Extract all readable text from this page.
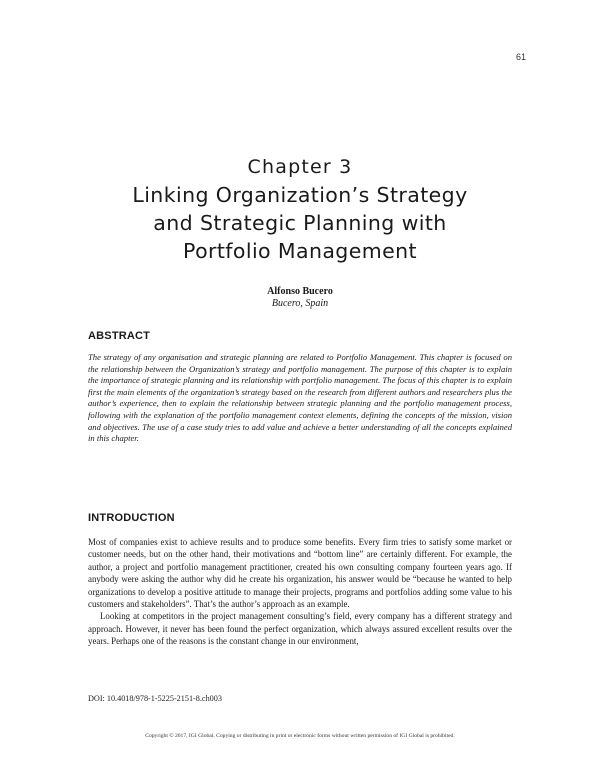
61
Chapter 3
Linking Organization’s Strategy
and Strategic Planning with
Portfolio Management
Alfonso Bucero
Bucero, Spain
ABSTRACT

The strategy of any organisation and strategic planning are related to Portfolio Management. This chapter is focused on the relationship between the Organization’s strategy and portfolio management. The purpose of this chapter is to explain the importance of strategic planning and its relationship with portfolio management. The focus of this chapter is to explain first the main elements of the organization’s strategy based on the research from different authors and researchers plus the author’s experience, then to explain the relationship between strategic planning and the portfolio management process, following with the explanation of the portfolio management context elements, defining the concepts of the mission, vision and objectives. The use of a case study tries to add value and achieve a better understanding of all the concepts explained in this chapter.

INTRODUCTION

Most of companies exist to achieve results and to produce some benefits. Every firm tries to satisfy some market or customer needs, but on the other hand, their motivations and “bottom line” are certainly different. For example, the author, a project and portfolio management practitioner, created his own consulting company fourteen years ago. If anybody were asking the author why did he create his organization, his answer would be “because he wanted to help organizations to develop a positive attitude to manage their projects, programs and portfolios adding some value to his customers and stakeholders”. That’s the author’s approach as an example.

Looking at competitors in the project management consulting’s field, every company has a different strategy and approach. However, it never has been found the perfect organization, which always assured excellent results over the years. Perhaps one of the reasons is the constant change in our environment,

DOI: 10.4018/978-1-5225-2151-8.ch003
Copyright © 2017, IGI Global. Copying or distributing in print or electronic forms without written permission of IGI Global is prohibited.
